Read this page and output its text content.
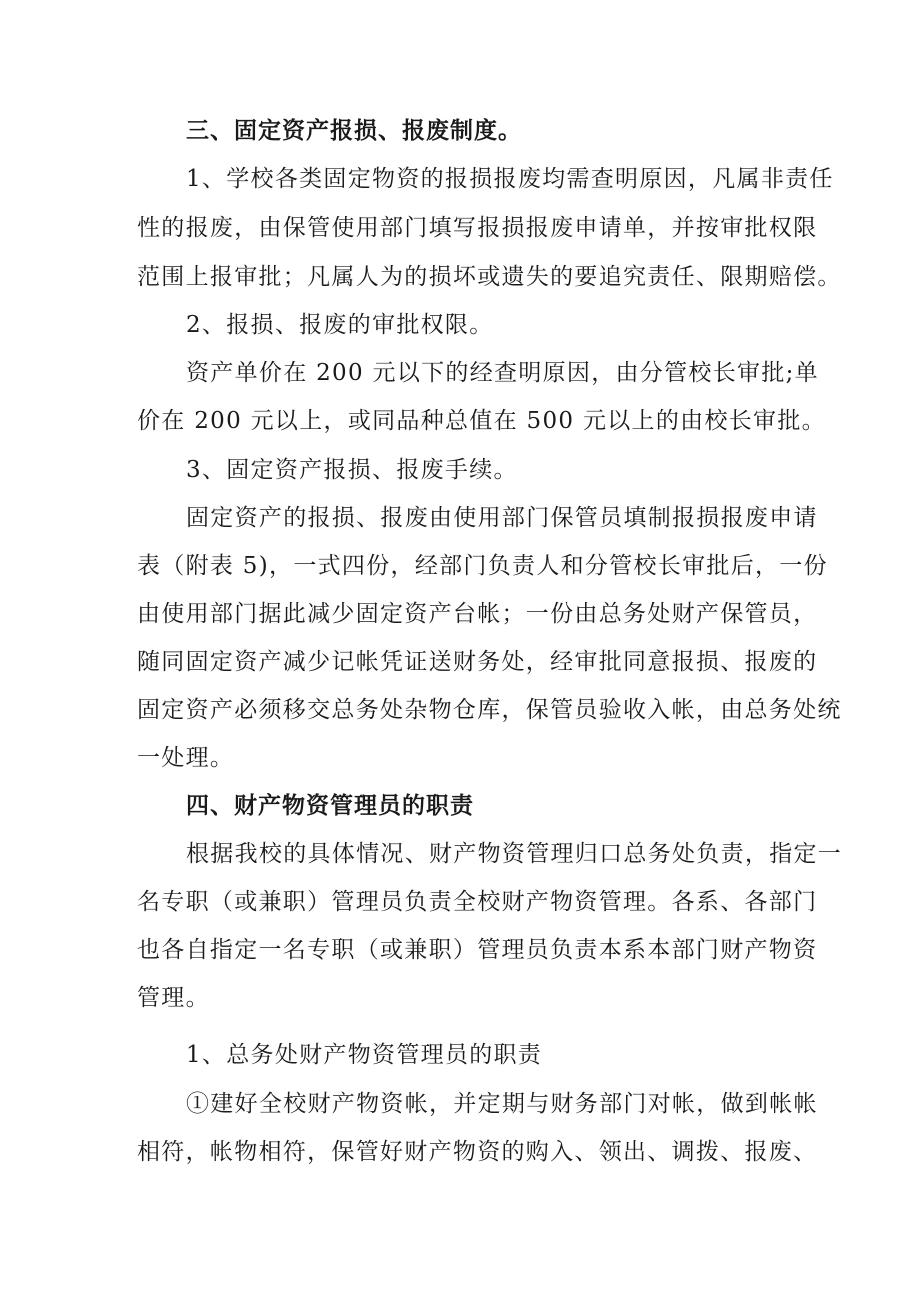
三、固定资产报损、报废制度。
1、学校各类固定物资的报损报废均需查明原因，凡属非责任
性的报废，由保管使用部门填写报损报废申请单，并按审批权限
范围上报审批；凡属人为的损坏或遗失的要追究责任、限期赔偿。
2、报损、报废的审批权限。
资产单价在 200 元以下的经查明原因，由分管校长审批;单
价在 200 元以上，或同品种总值在 500 元以上的由校长审批。
3、固定资产报损、报废手续。
固定资产的报损、报废由使用部门保管员填制报损报废申请
表（附表 5)，一式四份，经部门负责人和分管校长审批后，一份
由使用部门据此减少固定资产台帐；一份由总务处财产保管员，
随同固定资产减少记帐凭证送财务处，经审批同意报损、报废的
固定资产必须移交总务处杂物仓库，保管员验收入帐，由总务处统
一处理。
四、财产物资管理员的职责
根据我校的具体情况、财产物资管理归口总务处负责，指定一
名专职（或兼职）管理员负责全校财产物资管理。各系、各部门
也各自指定一名专职（或兼职）管理员负责本系本部门财产物资
管理。
1、总务处财产物资管理员的职责
①建好全校财产物资帐，并定期与财务部门对帐，做到帐帐
相符，帐物相符，保管好财产物资的购入、领出、调拨、报废、
